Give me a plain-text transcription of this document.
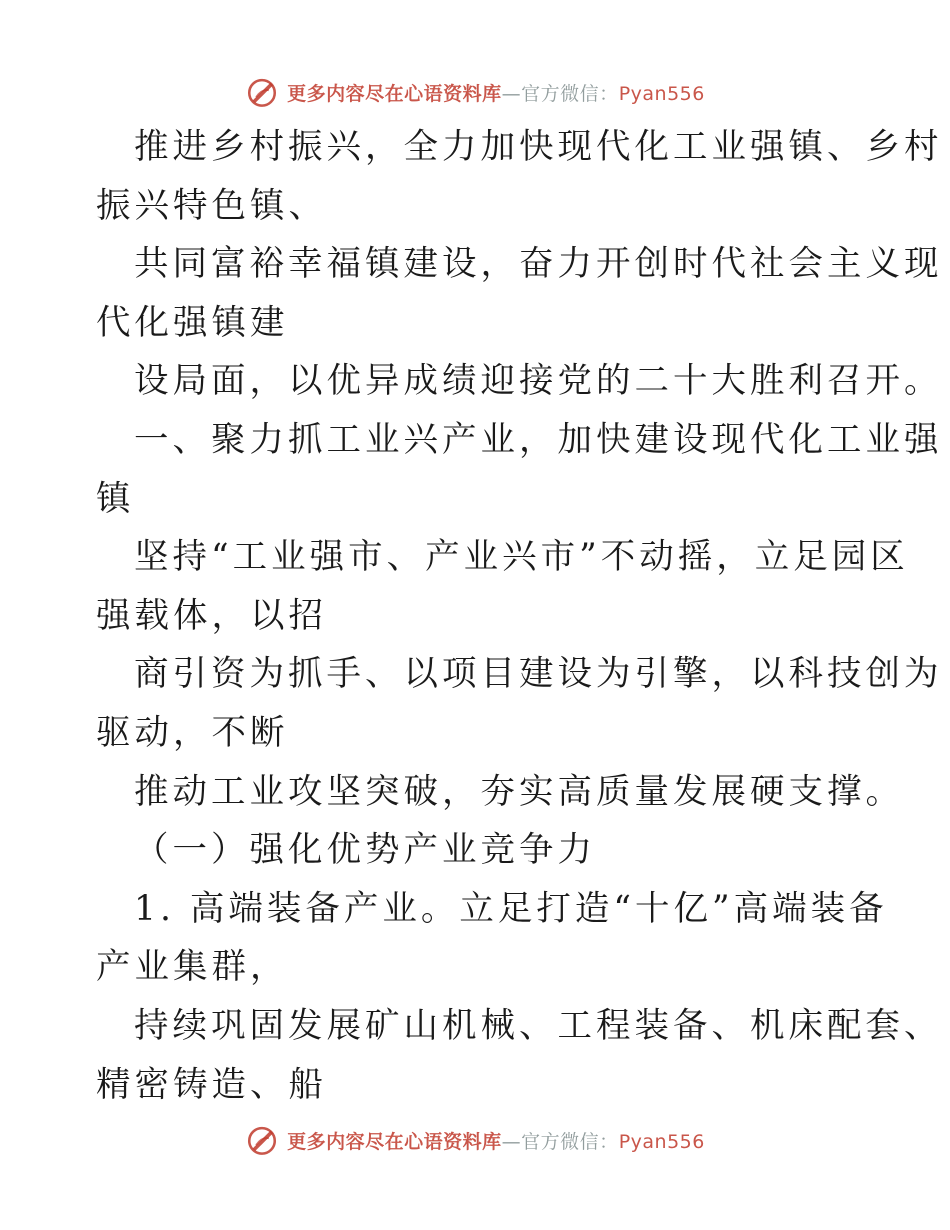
更多内容尽在心语资料库—官方微信：Pyan556

推进乡村振兴，全力加快现代化工业强镇、乡村

振兴特色镇、

共同富裕幸福镇建设，奋力开创时代社会主义现

代化强镇建

设局面，以优异成绩迎接党的二十大胜利召开。

一、聚力抓工业兴产业，加快建设现代化工业强

镇

坚持“工业强市、产业兴市”不动摇，立足园区

强载体，以招

商引资为抓手、以项目建设为引擎，以科技创为

驱动，不断

推动工业攻坚突破，夯实高质量发展硬支撑。

（一）强化优势产业竞争力

1. 高端装备产业。立足打造“十亿”高端装备

产业集群，

持续巩固发展矿山机械、工程装备、机床配套、

精密铸造、船

更多内容尽在心语资料库—官方微信：Pyan556
